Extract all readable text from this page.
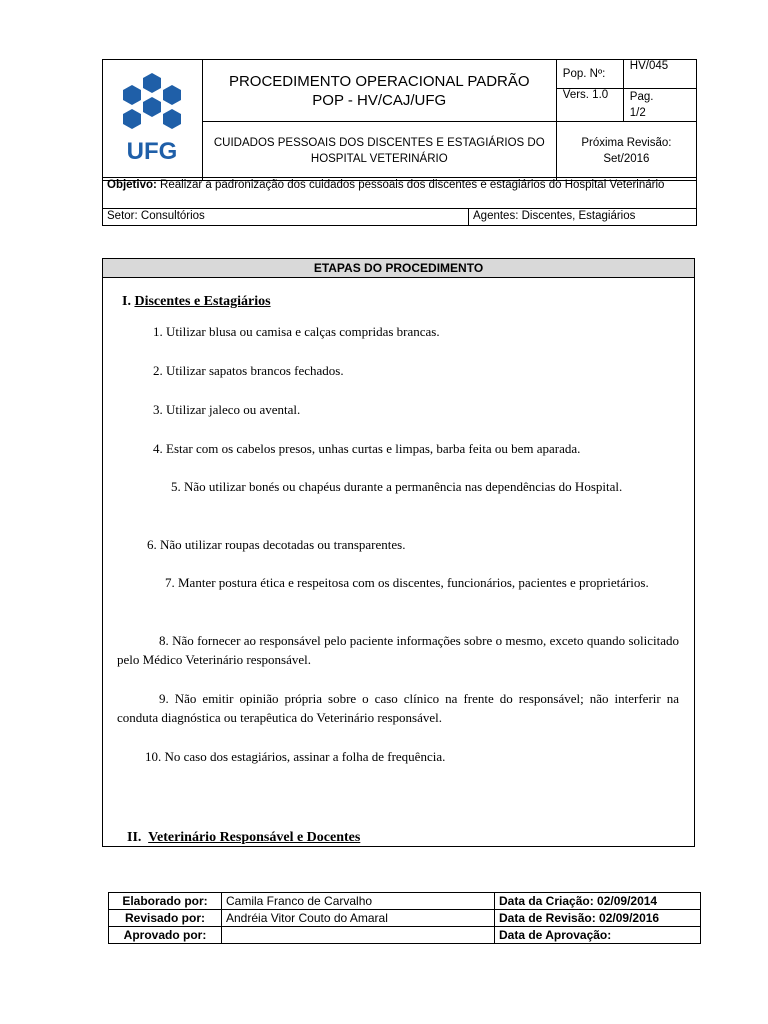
UFG

PROCEDIMENTO OPERACIONAL PADRÃO
POP - HV/CAJ/UFG

Pop. Nº:	HV/045
Vers. 1.0	Pag.
1/2

CUIDADOS PESSOAIS DOS DISCENTES E ESTAGIÁRIOS DO
HOSPITAL VETERINÁRIO

Próxima Revisão:
Set/2016
Objetivo: Realizar a padronização dos cuidados pessoais dos discentes e estagiários do Hospital Veterinário
Setor: Consultórios	Agentes: Discentes, Estagiários
ETAPAS DO PROCEDIMENTO
I. Discentes e Estagiários
1. Utilizar blusa ou camisa e calças compridas brancas.
2. Utilizar sapatos brancos fechados.
3. Utilizar jaleco ou avental.
4. Estar com os cabelos presos, unhas curtas e limpas, barba feita ou bem aparada.
5. Não utilizar bonés ou chapéus durante a permanência nas dependências do Hospital.
6. Não utilizar roupas decotadas ou transparentes.
7. Manter postura ética e respeitosa com os discentes, funcionários, pacientes e proprietários.
8. Não fornecer ao responsável pelo paciente informações sobre o mesmo, exceto quando solicitado pelo Médico Veterinário responsável.
9. Não emitir opinião própria sobre o caso clínico na frente do responsável; não interferir na conduta diagnóstica ou terapêutica do Veterinário responsável.
10. No caso dos estagiários, assinar a folha de frequência.
II. Veterinário Responsável e Docentes
Elaborado por:	Camila Franco de Carvalho	Data da Criação: 02/09/2014
Revisado por:	Andréia Vitor Couto do Amaral	Data de Revisão: 02/09/2016
Aprovado por:		Data de Aprovação:
